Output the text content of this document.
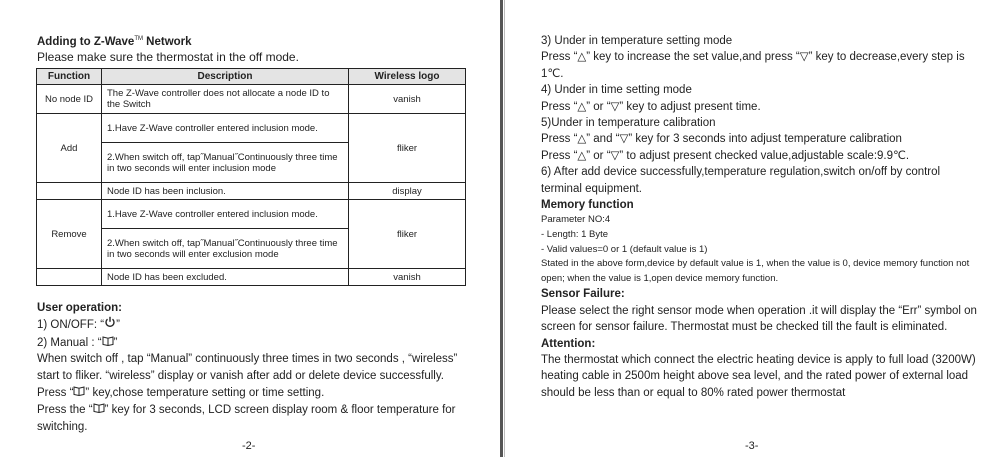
Adding to Z-Wave™ Network
Please make sure the thermostat in the off mode.
Function	Description	Wireless logo
No node ID	The Z-Wave controller does not allocate a node ID to the Switch	vanish
Add	1.Have Z-Wave controller entered inclusion mode.	fliker
	2.When switch off, tap˝Manual˝Continuously three time in two seconds will enter inclusion mode	
	Node ID has been inclusion.	display
Remove	1.Have Z-Wave controller entered inclusion mode.	fliker
	2.When switch off, tap˝Manual˝Continuously three time in two seconds will enter exclusion mode	
	Node ID has been excluded.	vanish

User operation:

1) ON/OFF: “ ”

2) Manual : “ ”

When switch off , tap “Manual” continuously three times in two seconds , “wireless” start to fliker. “wireless” display or vanish after add or delete device successfully.

Press “ ” key,chose temperature setting or time setting.

Press the “ ” key for 3 seconds, LCD screen display room & floor temperature for switching.

-2-

3) Under in temperature setting mode

Press “△” key to increase the set value,and press “▽” key to decrease,every step is 1℃.

4) Under in time setting mode

Press “△” or “▽” key to adjust present time.

5)Under in temperature calibration

Press “△” and “▽” key for 3 seconds into adjust temperature calibration

Press “△” or “▽” to adjust present checked value,adjustable scale:9.9℃.

6) After add device successfully,temperature regulation,switch on/off by control terminal equipment.

Memory function

Parameter NO:4

- Length: 1 Byte

- Valid values=0 or 1 (default value is 1)

Stated in the above form,device by default value is 1, when the value is 0, device memory function not open; when the value is 1,open device memory function.

Sensor Failure:

Please select the right sensor mode when operation .it will display the “Err” symbol on screen for sensor failure. Thermostat must be checked till the fault is eliminated.

Attention:

The thermostat which connect the electric heating device is apply to full load (3200W) heating cable in 2500m height above sea level, and the rated power of external load should be less than or equal to 80% rated power thermostat

-3-
